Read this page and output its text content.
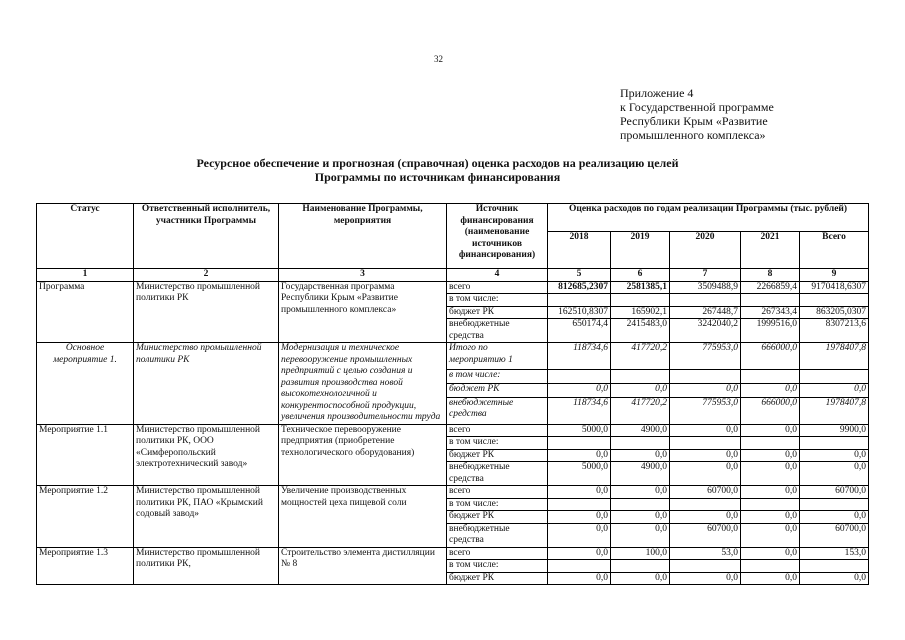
32
Приложение 4
к Государственной программе
Республики Крым «Развитие
промышленного комплекса»
Ресурсное обеспечение и прогнозная (справочная) оценка расходов на реализацию целей
Программы по источникам финансирования
Статус	Ответственный исполнитель, участники Программы	Наименование Программы, мероприятия	Источник финансирования (наименование источников финансирования)	Оценка расходов по годам реализации Программы (тыс. рублей)				
				2018	2019	2020	2021	Всего
1	2	3	4	5	6	7	8	9
Программа	Министерство промышленной политики РК	Государственная программа Республики Крым «Развитие промышленного комплекса»	всего	812685,2307	2581385,1	3509488,9	2266859,4	9170418,6307
			в том числе:					
			бюджет РК	162510,8307	165902,1	267448,7	267343,4	863205,0307
			внебюджетные средства	650174,4	2415483,0	3242040,2	1999516,0	8307213,6
Основное мероприятие 1.	Министерство промышленной политики РК	Модернизация и техническое перевооружение промышленных предприятий с целью создания и развития производства новой высокотехнологичной и конкурентоспособной продукции, увеличения производительности труда	Итого по мероприятию 1	118734,6	417720,2	775953,0	666000,0	1978407,8
			в том числе:					
			бюджет РК	0,0	0,0	0,0	0,0	0,0
			внебюджетные средства	118734,6	417720,2	775953,0	666000,0	1978407,8
Мероприятие 1.1	Министерство промышленной политики РК, ООО «Симферопольский электротехнический завод»	Техническое перевооружение предприятия (приобретение технологического оборудования)	всего	5000,0	4900,0	0,0	0,0	9900,0
			в том числе:					
			бюджет РК	0,0	0,0	0,0	0,0	0,0
			внебюджетные средства	5000,0	4900,0	0,0	0,0	0,0
Мероприятие 1.2	Министерство промышленной политики РК, ПАО «Крымский содовый завод»	Увеличение производственных мощностей цеха пищевой соли	всего	0,0	0,0	60700,0	0,0	60700,0
			в том числе:					
			бюджет РК	0,0	0,0	0,0	0,0	0,0
			внебюджетные средства	0,0	0,0	60700,0	0,0	60700,0
Мероприятие 1.3	Министерство промышленной политики РК,	Строительство элемента дистилляции № 8	всего	0,0	100,0	53,0	0,0	153,0
			в том числе:					
			бюджет РК	0,0	0,0	0,0	0,0	0,0
